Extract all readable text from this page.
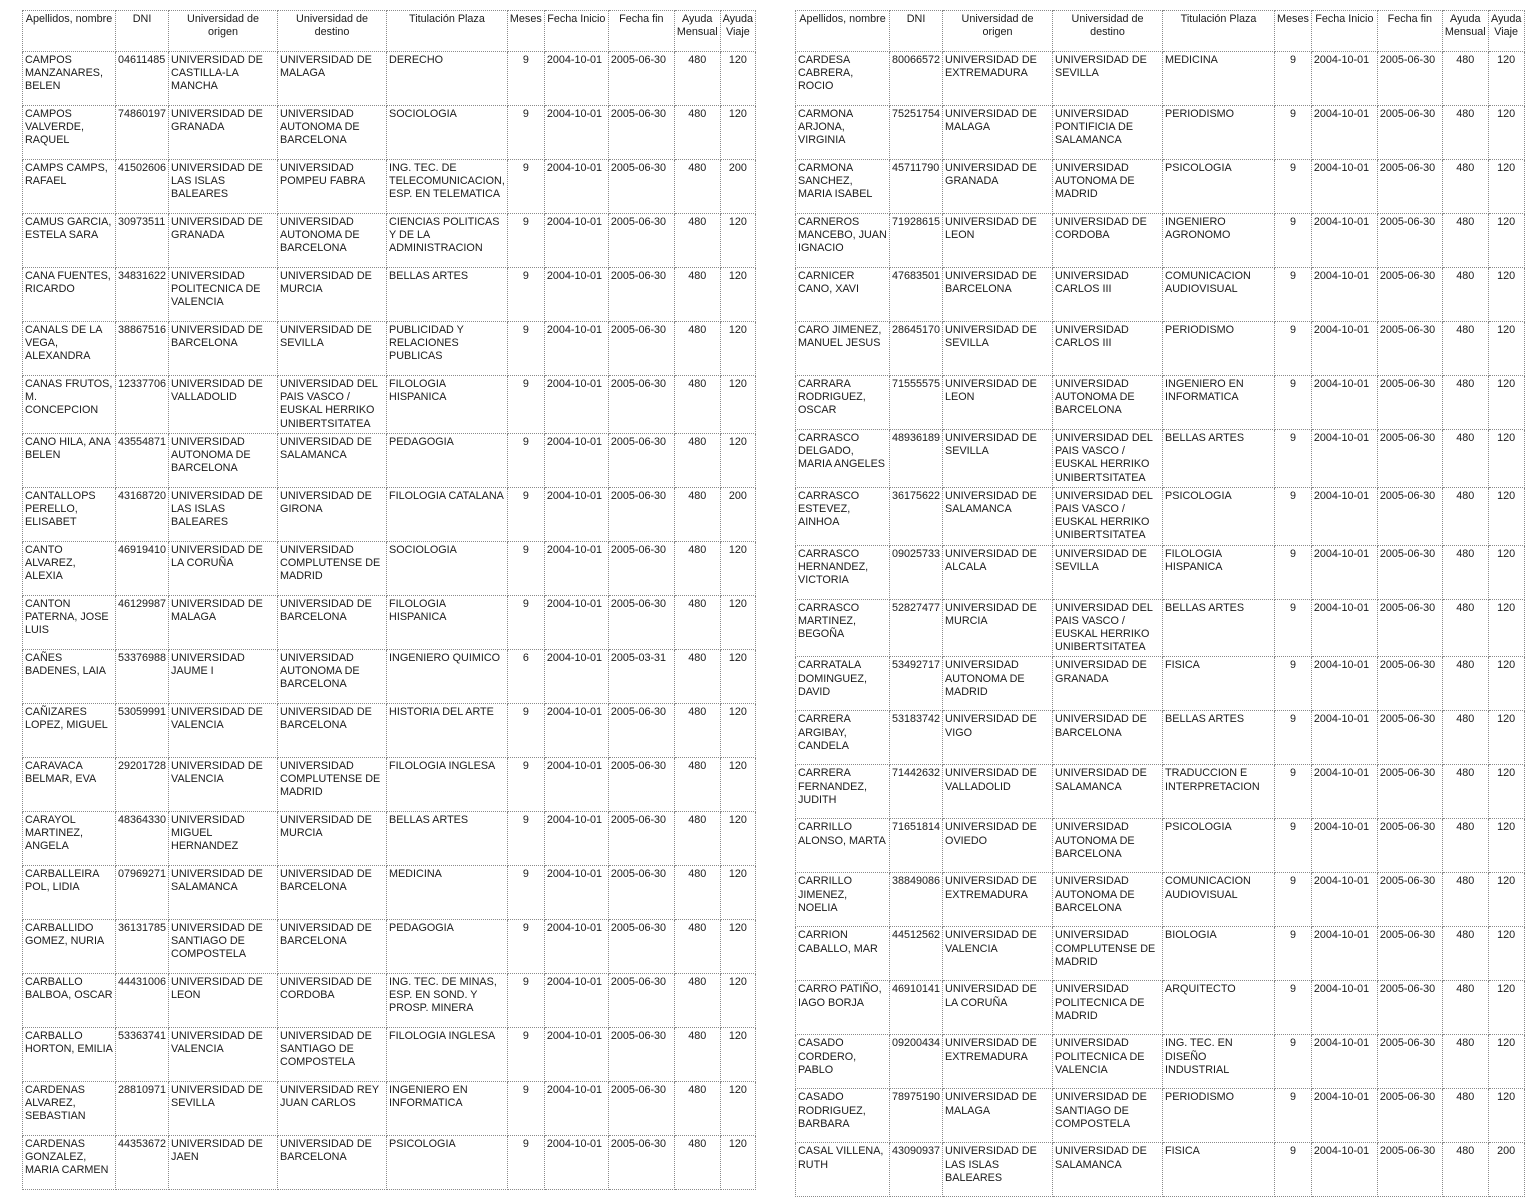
Apellidos, nombre	DNI	Universidad de origen	Universidad de destino	Titulación Plaza	Meses	Fecha Inicio	Fecha fin	Ayuda Mensual	Ayuda Viaje
CAMPOS MANZANARES, BELEN	04611485	UNIVERSIDAD DE CASTILLA-LA MANCHA	UNIVERSIDAD DE MALAGA	DERECHO	9	2004-10-01	2005-06-30	480	120
CAMPOS VALVERDE, RAQUEL	74860197	UNIVERSIDAD DE GRANADA	UNIVERSIDAD AUTONOMA DE BARCELONA	SOCIOLOGIA	9	2004-10-01	2005-06-30	480	120
CAMPS CAMPS, RAFAEL	41502606	UNIVERSIDAD DE LAS ISLAS BALEARES	UNIVERSIDAD POMPEU FABRA	ING. TEC. DE TELECOMUNICACION, ESP. EN TELEMATICA	9	2004-10-01	2005-06-30	480	200
CAMUS GARCIA, ESTELA SARA	30973511	UNIVERSIDAD DE GRANADA	UNIVERSIDAD AUTONOMA DE BARCELONA	CIENCIAS POLITICAS Y DE LA ADMINISTRACION	9	2004-10-01	2005-06-30	480	120
CANA FUENTES, RICARDO	34831622	UNIVERSIDAD POLITECNICA DE VALENCIA	UNIVERSIDAD DE MURCIA	BELLAS ARTES	9	2004-10-01	2005-06-30	480	120
CANALS DE LA VEGA, ALEXANDRA	38867516	UNIVERSIDAD DE BARCELONA	UNIVERSIDAD DE SEVILLA	PUBLICIDAD Y RELACIONES PUBLICAS	9	2004-10-01	2005-06-30	480	120
CANAS FRUTOS, M. CONCEPCION	12337706	UNIVERSIDAD DE VALLADOLID	UNIVERSIDAD DEL PAIS VASCO / EUSKAL HERRIKO UNIBERTSITATEA	FILOLOGIA HISPANICA	9	2004-10-01	2005-06-30	480	120
CANO HILA, ANA BELEN	43554871	UNIVERSIDAD AUTONOMA DE BARCELONA	UNIVERSIDAD DE SALAMANCA	PEDAGOGIA	9	2004-10-01	2005-06-30	480	120
CANTALLOPS PERELLO, ELISABET	43168720	UNIVERSIDAD DE LAS ISLAS BALEARES	UNIVERSIDAD DE GIRONA	FILOLOGIA CATALANA	9	2004-10-01	2005-06-30	480	200
CANTO ALVAREZ, ALEXIA	46919410	UNIVERSIDAD DE LA CORUÑA	UNIVERSIDAD COMPLUTENSE DE MADRID	SOCIOLOGIA	9	2004-10-01	2005-06-30	480	120
CANTON PATERNA, JOSE LUIS	46129987	UNIVERSIDAD DE MALAGA	UNIVERSIDAD DE BARCELONA	FILOLOGIA HISPANICA	9	2004-10-01	2005-06-30	480	120
CAÑES BADENES, LAIA	53376988	UNIVERSIDAD JAUME I	UNIVERSIDAD AUTONOMA DE BARCELONA	INGENIERO QUIMICO	6	2004-10-01	2005-03-31	480	120
CAÑIZARES LOPEZ, MIGUEL	53059991	UNIVERSIDAD DE VALENCIA	UNIVERSIDAD DE BARCELONA	HISTORIA DEL ARTE	9	2004-10-01	2005-06-30	480	120
CARAVACA BELMAR, EVA	29201728	UNIVERSIDAD DE VALENCIA	UNIVERSIDAD COMPLUTENSE DE MADRID	FILOLOGIA INGLESA	9	2004-10-01	2005-06-30	480	120
CARAYOL MARTINEZ, ANGELA	48364330	UNIVERSIDAD MIGUEL HERNANDEZ	UNIVERSIDAD DE MURCIA	BELLAS ARTES	9	2004-10-01	2005-06-30	480	120
CARBALLEIRA POL, LIDIA	07969271	UNIVERSIDAD DE SALAMANCA	UNIVERSIDAD DE BARCELONA	MEDICINA	9	2004-10-01	2005-06-30	480	120
CARBALLIDO GOMEZ, NURIA	36131785	UNIVERSIDAD DE SANTIAGO DE COMPOSTELA	UNIVERSIDAD DE BARCELONA	PEDAGOGIA	9	2004-10-01	2005-06-30	480	120
CARBALLO BALBOA, OSCAR	44431006	UNIVERSIDAD DE LEON	UNIVERSIDAD DE CORDOBA	ING. TEC. DE MINAS, ESP. EN SOND. Y PROSP. MINERA	9	2004-10-01	2005-06-30	480	120
CARBALLO HORTON, EMILIA	53363741	UNIVERSIDAD DE VALENCIA	UNIVERSIDAD DE SANTIAGO DE COMPOSTELA	FILOLOGIA INGLESA	9	2004-10-01	2005-06-30	480	120
CARDENAS ALVAREZ, SEBASTIAN	28810971	UNIVERSIDAD DE SEVILLA	UNIVERSIDAD REY JUAN CARLOS	INGENIERO EN INFORMATICA	9	2004-10-01	2005-06-30	480	120
CARDENAS GONZALEZ, MARIA CARMEN	44353672	UNIVERSIDAD DE JAEN	UNIVERSIDAD DE BARCELONA	PSICOLOGIA	9	2004-10-01	2005-06-30	480	120
Apellidos, nombre	DNI	Universidad de origen	Universidad de destino	Titulación Plaza	Meses	Fecha Inicio	Fecha fin	Ayuda Mensual	Ayuda Viaje
CARDESA CABRERA, ROCIO	80066572	UNIVERSIDAD DE EXTREMADURA	UNIVERSIDAD DE SEVILLA	MEDICINA	9	2004-10-01	2005-06-30	480	120
CARMONA ARJONA, VIRGINIA	75251754	UNIVERSIDAD DE MALAGA	UNIVERSIDAD PONTIFICIA DE SALAMANCA	PERIODISMO	9	2004-10-01	2005-06-30	480	120
CARMONA SANCHEZ, MARIA ISABEL	45711790	UNIVERSIDAD DE GRANADA	UNIVERSIDAD AUTONOMA DE MADRID	PSICOLOGIA	9	2004-10-01	2005-06-30	480	120
CARNEROS MANCEBO, JUAN IGNACIO	71928615	UNIVERSIDAD DE LEON	UNIVERSIDAD DE CORDOBA	INGENIERO AGRONOMO	9	2004-10-01	2005-06-30	480	120
CARNICER CANO, XAVI	47683501	UNIVERSIDAD DE BARCELONA	UNIVERSIDAD CARLOS III	COMUNICACION AUDIOVISUAL	9	2004-10-01	2005-06-30	480	120
CARO JIMENEZ, MANUEL JESUS	28645170	UNIVERSIDAD DE SEVILLA	UNIVERSIDAD CARLOS III	PERIODISMO	9	2004-10-01	2005-06-30	480	120
CARRARA RODRIGUEZ, OSCAR	71555575	UNIVERSIDAD DE LEON	UNIVERSIDAD AUTONOMA DE BARCELONA	INGENIERO EN INFORMATICA	9	2004-10-01	2005-06-30	480	120
CARRASCO DELGADO, MARIA ANGELES	48936189	UNIVERSIDAD DE SEVILLA	UNIVERSIDAD DEL PAIS VASCO / EUSKAL HERRIKO UNIBERTSITATEA	BELLAS ARTES	9	2004-10-01	2005-06-30	480	120
CARRASCO ESTEVEZ, AINHOA	36175622	UNIVERSIDAD DE SALAMANCA	UNIVERSIDAD DEL PAIS VASCO / EUSKAL HERRIKO UNIBERTSITATEA	PSICOLOGIA	9	2004-10-01	2005-06-30	480	120
CARRASCO HERNANDEZ, VICTORIA	09025733	UNIVERSIDAD DE ALCALA	UNIVERSIDAD DE SEVILLA	FILOLOGIA HISPANICA	9	2004-10-01	2005-06-30	480	120
CARRASCO MARTINEZ, BEGOÑA	52827477	UNIVERSIDAD DE MURCIA	UNIVERSIDAD DEL PAIS VASCO / EUSKAL HERRIKO UNIBERTSITATEA	BELLAS ARTES	9	2004-10-01	2005-06-30	480	120
CARRATALA DOMINGUEZ, DAVID	53492717	UNIVERSIDAD AUTONOMA DE MADRID	UNIVERSIDAD DE GRANADA	FISICA	9	2004-10-01	2005-06-30	480	120
CARRERA ARGIBAY, CANDELA	53183742	UNIVERSIDAD DE VIGO	UNIVERSIDAD DE BARCELONA	BELLAS ARTES	9	2004-10-01	2005-06-30	480	120
CARRERA FERNANDEZ, JUDITH	71442632	UNIVERSIDAD DE VALLADOLID	UNIVERSIDAD DE SALAMANCA	TRADUCCION E INTERPRETACION	9	2004-10-01	2005-06-30	480	120
CARRILLO ALONSO, MARTA	71651814	UNIVERSIDAD DE OVIEDO	UNIVERSIDAD AUTONOMA DE BARCELONA	PSICOLOGIA	9	2004-10-01	2005-06-30	480	120
CARRILLO JIMENEZ, NOELIA	38849086	UNIVERSIDAD DE EXTREMADURA	UNIVERSIDAD AUTONOMA DE BARCELONA	COMUNICACION AUDIOVISUAL	9	2004-10-01	2005-06-30	480	120
CARRION CABALLO, MAR	44512562	UNIVERSIDAD DE VALENCIA	UNIVERSIDAD COMPLUTENSE DE MADRID	BIOLOGIA	9	2004-10-01	2005-06-30	480	120
CARRO PATIÑO, IAGO BORJA	46910141	UNIVERSIDAD DE LA CORUÑA	UNIVERSIDAD POLITECNICA DE MADRID	ARQUITECTO	9	2004-10-01	2005-06-30	480	120
CASADO CORDERO, PABLO	09200434	UNIVERSIDAD DE EXTREMADURA	UNIVERSIDAD POLITECNICA DE VALENCIA	ING. TEC. EN DISEÑO INDUSTRIAL	9	2004-10-01	2005-06-30	480	120
CASADO RODRIGUEZ, BARBARA	78975190	UNIVERSIDAD DE MALAGA	UNIVERSIDAD DE SANTIAGO DE COMPOSTELA	PERIODISMO	9	2004-10-01	2005-06-30	480	120
CASAL VILLENA, RUTH	43090937	UNIVERSIDAD DE LAS ISLAS BALEARES	UNIVERSIDAD DE SALAMANCA	FISICA	9	2004-10-01	2005-06-30	480	200
